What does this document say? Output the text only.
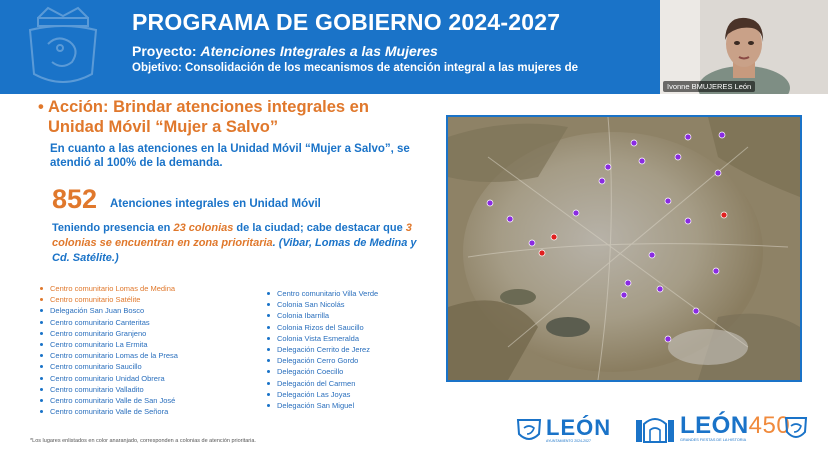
PROGRAMA DE GOBIERNO 2024-2027
Proyecto: Atenciones Integrales a las Mujeres
Objetivo: Consolidación de los mecanismos de atención integral a las mujeres de
Ivonne BMUJERES León
• Acción: Brindar atenciones integrales en Unidad Móvil “Mujer a Salvo”
En cuanto a las atenciones en la Unidad Móvil “Mujer a Salvo”, se atendió al 100% de la demanda.
852 Atenciones integrales en Unidad Móvil
Teniendo presencia en 23 colonias de la ciudad; cabe destacar que 3 colonias se encuentran en zona prioritaria. (Vibar, Lomas de Medina y Cd. Satélite.)
Centro comunitario Lomas de Medina
Centro comunitario Satélite
Delegación San Juan Bosco
Centro comunitario Canteritas
Centro comunitario Granjeno
Centro comunitario La Ermita
Centro comunitario Lomas de la Presa
Centro comunitario Saucillo
Centro comunitario Unidad Obrera
Centro comunitario Valladito
Centro comunitario Valle de San José
Centro comunitario Valle de Señora
Centro comunitario Villa Verde
Colonia San Nicolás
Colonia Ibarrilla
Colonia Rizos del Saucillo
Colonia Vista Esmeralda
Delegación Cerrito de Jerez
Delegación Cerro Gordo
Delegación Coecillo
Delegación del Carmen
Delegación Las Joyas
Delegación San Miguel
*Los lugares enlistados en color anaranjado, corresponden a colonias de atención prioritaria.
LEÓN
AYUNTAMIENTO 2024-2027
LEÓN450
GRANDES FIESTAS DE LA HISTORIA
